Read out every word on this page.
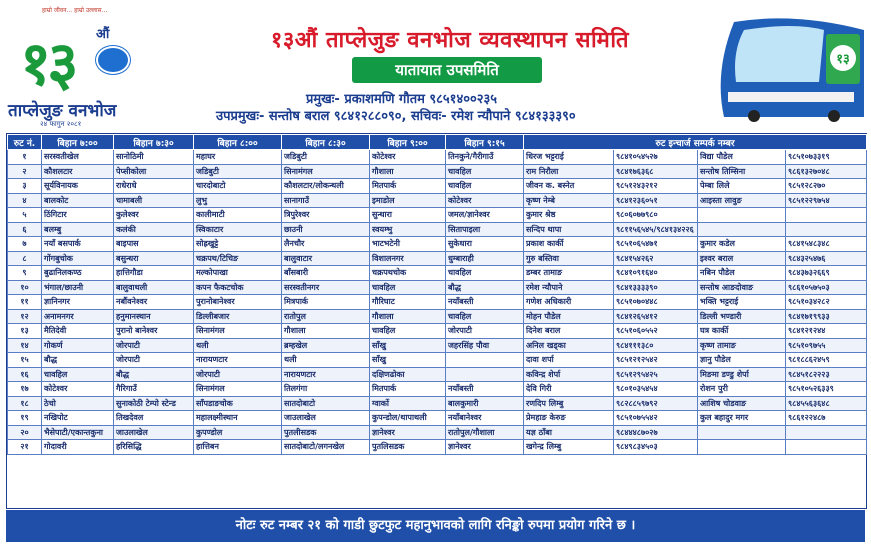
हाम्रो जीवन... हाम्रो उल्लास...
१३ औं
ताप्लेजुङ वनभोज
२४ फागुन २०८१
१३औं ताप्लेजुङ वनभोज व्यवस्थापन समिति
यातायात उपसमिति
प्रमुखः- प्रकाशमणि गौतम ९८५१४००२३५
उपप्रमुखः- सन्तोष बराल ९८४१२८८०९०, सचिवः- रमेश न्यौपाने ९८४१३३३९०
१३
रुट नं.	बिहान ७:००	बिहान ७:३०	बिहान ८:००	बिहान ८:३०	बिहान ९:००	बिहान ९:१५	रुट इन्चार्ज सम्पर्क नम्बर			
१	सरस्वतीखेल	सानोठिमी	महाघर	जडिबुटी	कोटेश्वर	तिनकुने/गैरीगाउँ	धिरज भट्टराई	९८४१०५४५२७	विद्या पौडेल	९८५१०७३३१९
२	कौशलटार	पेप्सीकोला	जडिबुटी	सिनामंगल	गौशाला	चावहिल	राम निरौला	९८४१७६३६८	सन्तोष तिम्सिना	९८६१३२७०४८
३	सूर्यविनायक	राधेराधे	चारदोबाटो	कौशलटार/लोकन्थली	मितपार्क	चावहिल	जीवन क. बस्नेत	९८५१२४३२१२	पेम्बा लिले	९८५१२८२७०
४	बालकोट	चामाबली	लुभु	सानागाउँ	इमाडोल	कोटेश्वर	कृष्ण नेम्बे	९८४१२३६०५१	आइस्ता लावुङ	९८५१२२९७५४
५	ठिंगिटार	कुलेश्वर	कालीमाटी	त्रिपुरेश्वर	सुन्धारा	जमल/ज्ञानेश्वर	कुमार श्रेष्ठ	९८०६०७७९८०		
६	बलम्बु	कलंकी	स्विकाटार	छाउनी	स्वयम्भु	सितापाइला	सन्दिप थापा	९८११५६५४५/९८४१३४२२६		
७	नयाँ बसपार्क	बाइपास	सोह्रखुट्टे	लैनचौर	भाटभटेनी	सुकेधारा	प्रकाश कार्की	९८५१०६५४७१	कुमार कडेल	९८४१५४८३४८
८	गोंगबुचोक	बसुन्धरा	चक्रपथ/टिचिङ	बालुवाटार	विशालनगर	धुम्बाराही	गुरु बस्तिवा	९८४१५४२६२	इश्वर बराल	९८४३२५४७६
९	बुढानिलकण्ठ	हात्तिगौडा	मल्कोपाखा	बाँसबारी	चक्रपथचोक	चावहिल	डम्बर तामाङ	९८४१०९१६४०	नबिन पौडेल	९८४३७३२६६९
१०	भंगाल/छाउनी	बालुवाथली	कपन फैकटचोक	सरस्वतीनगर	चावहिल	बौद्ध	रमेश न्यौपाने	९८४१३३३३९०	सन्तोष आङदोवाङ	९८६१०५७५०३
११	ज्ञानिनगर	नर्बौवनेश्वर	पुरानोबानेश्वर	मित्रपार्क	गौरिघाट	नयाँबस्ती	गणेश अधिकारी	९८५१०७०४४८	भक्ति भट्टराई	९८५१०३४२८२
१२	अनामनगर	हनुमानस्थान	डिल्लीबजार	रातोपुल	गौशाला	चावहिल	मोहन पौडेल	९८४१२६५४१२	डिल्ली भण्डारी	९८४१७१९९३३
१३	मैतिदेवी	पुरानो बानेश्वर	सिनामंगल	गौशाला	चावहिल	जोरपाटी	दिनेश बराल	९८५१०६०५५२	घत्र कार्की	९८४१२१२४४
१४	गोकर्ण	जोरपाटी	थली	ब्रम्हखेल	साँखु	जहरसिंह पौवा	अनिल खड्का	९८४१११३८०	कृष्ण तामाङ	९८५१०९७५५
१५	बौद्ध	जोरपाटी	नारायणटार	थली	साँखु		दावा शर्पा	९८५१२१२५४२	ज्ञानु पौडेल	९८१८८६२४५९
१६	चावहिल	बौद्ध	जोरपाटी	नारायणटार	दक्षिणढोका		कविन्द्र शेर्पा	९८५१२९५४२५	मिङमा डण्डु शेर्पा	९८४५१८२२२३
१७	कोटेश्वर	गैरिगाउँ	सिनामंगल	तिलगंगा	मितपार्क	नयाँबस्ती	देवि गिरी	९८०१०३५४५४	रोशन पुरी	९८५१०५२६३३९
१८	ठेचो	सुनाकोठी टेम्पो स्टेन्ड	साँपडाङचोक	सातदोबाटो	ग्वार्को	बालकुमारी	रणदिप लिम्बु	९८२८८५९७९२	आशिष चोडवाङ	९८४५५६३६४८
१९	नखिपोट	तिखदेवल	महालक्ष्मीस्थान	जाउलाखेल	कुपन्डोल/थापाथली	नयाँबानेश्वर	प्रेमहाङ केरुङ	९८५१०७५५४२	कुल बहादुर मगर	९८६१२२४८७
२०	भैसेपाटी/एकान्तकुना	जाउलाखेल	कुपण्डोल	पुतलीसडक	ज्ञानेश्वर	रातोपुल/गौशाला	यज्ञ ठाँबा	९८४४४८७०२७		
२१	गोदावरी	हरिसिद्धि	हात्तिबन	सातदोबाटो/लगनखेल	पुतलिसडक	ज्ञानेश्वर	खगेन्द्र लिम्बु	९८४९८३४५०३		
नोटः रुट नम्बर २१ को गाडी छुटफुट महानुभावको लागि रनिङ्को रुपमा प्रयोग गरिने छ ।
